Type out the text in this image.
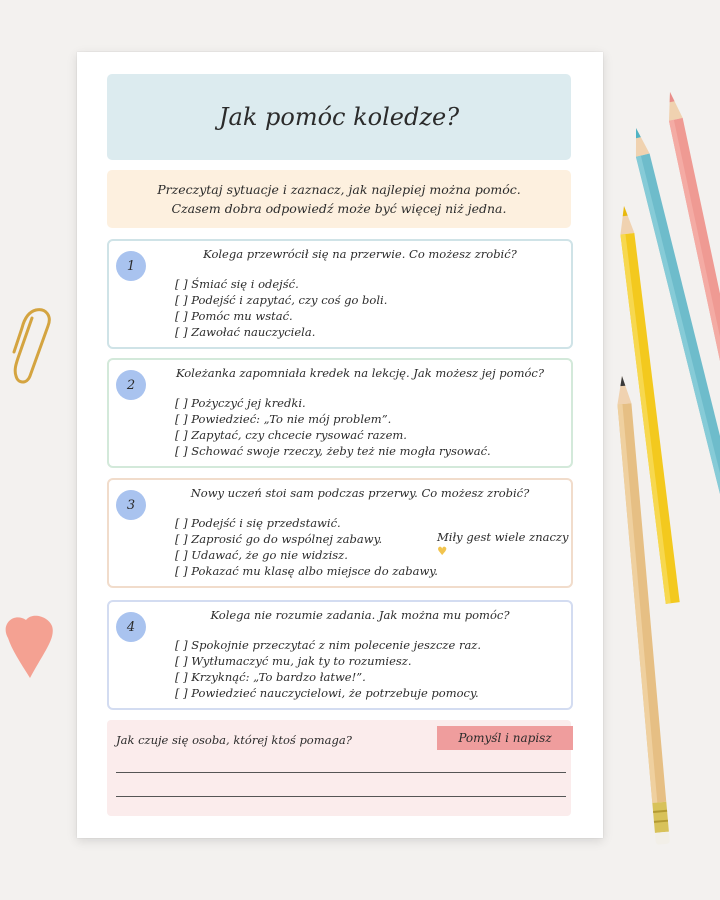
Jak pomóc koledze?
Przeczytaj sytuacje i zaznacz, jak najlepiej można pomóc.
Czasem dobra odpowiedź może być więcej niż jedna.
1
Kolega przewrócił się na przerwie. Co możesz zrobić?
[ ] Śmiać się i odejść.
[ ] Podejść i zapytać, czy coś go boli.
[ ] Pomóc mu wstać.
[ ] Zawołać nauczyciela.
2
Koleżanka zapomniała kredek na lekcję. Jak możesz jej pomóc?
[ ] Pożyczyć jej kredki.
[ ] Powiedzieć: „To nie mój problem”.
[ ] Zapytać, czy chcecie rysować razem.
[ ] Schować swoje rzeczy, żeby też nie mogła rysować.
3
Nowy uczeń stoi sam podczas przerwy. Co możesz zrobić?
[ ] Podejść i się przedstawić.
[ ] Zaprosić go do wspólnej zabawy.
[ ] Udawać, że go nie widzisz.
[ ] Pokazać mu klasę albo miejsce do zabawy.
Miły gest wiele znaczy ♥
4
Kolega nie rozumie zadania. Jak można mu pomóc?
[ ] Spokojnie przeczytać z nim polecenie jeszcze raz.
[ ] Wytłumaczyć mu, jak ty to rozumiesz.
[ ] Krzyknąć: „To bardzo łatwe!”.
[ ] Powiedzieć nauczycielowi, że potrzebuje pomocy.
Jak czuje się osoba, której ktoś pomaga?	Pomyśl i napisz
